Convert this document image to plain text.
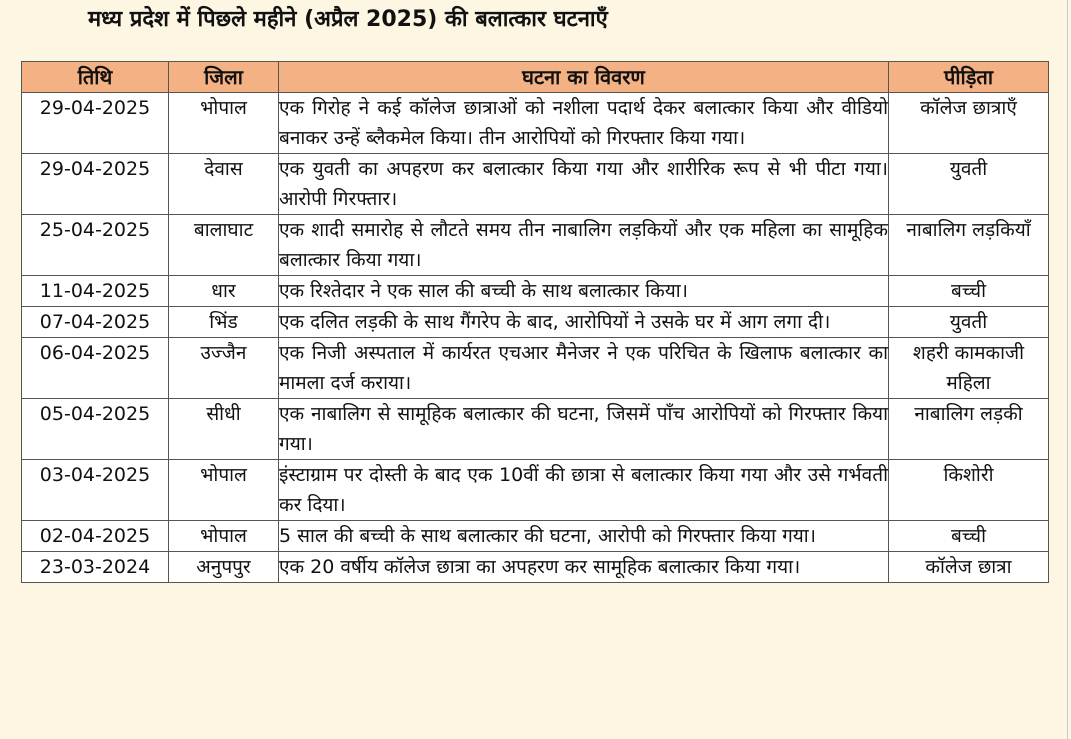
मध्य प्रदेश में पिछले महीने (अप्रैल 2025) की बलात्कार घटनाएँ
तिथि	जिला	घटना का विवरण	पीड़िता
29-04-2025	भोपाल	एक गिरोह ने कई कॉलेज छात्राओं को नशीला पदार्थ देकर बलात्कार किया और वीडियो बनाकर उन्हें ब्लैकमेल किया। तीन आरोपियों को गिरफ्तार किया गया।	कॉलेज छात्राएँ
29-04-2025	देवास	एक युवती का अपहरण कर बलात्कार किया गया और शारीरिक रूप से भी पीटा गया। आरोपी गिरफ्तार।	युवती
25-04-2025	बालाघाट	एक शादी समारोह से लौटते समय तीन नाबालिग लड़कियों और एक महिला का सामूहिक बलात्कार किया गया।	नाबालिग लड़कियाँ
11-04-2025	धार	एक रिश्तेदार ने एक साल की बच्ची के साथ बलात्कार किया।	बच्ची
07-04-2025	भिंड	एक दलित लड़की के साथ गैंगरेप के बाद, आरोपियों ने उसके घर में आग लगा दी।	युवती
06-04-2025	उज्जैन	एक निजी अस्पताल में कार्यरत एचआर मैनेजर ने एक परिचित के खिलाफ बलात्कार का मामला दर्ज कराया।	शहरी कामकाजी महिला
05-04-2025	सीधी	एक नाबालिग से सामूहिक बलात्कार की घटना, जिसमें पाँच आरोपियों को गिरफ्तार किया गया।	नाबालिग लड़की
03-04-2025	भोपाल	इंस्टाग्राम पर दोस्ती के बाद एक 10वीं की छात्रा से बलात्कार किया गया और उसे गर्भवती कर दिया।	किशोरी
02-04-2025	भोपाल	5 साल की बच्ची के साथ बलात्कार की घटना, आरोपी को गिरफ्तार किया गया।	बच्ची
23-03-2024	अनुपपुर	एक 20 वर्षीय कॉलेज छात्रा का अपहरण कर सामूहिक बलात्कार किया गया।	कॉलेज छात्रा
